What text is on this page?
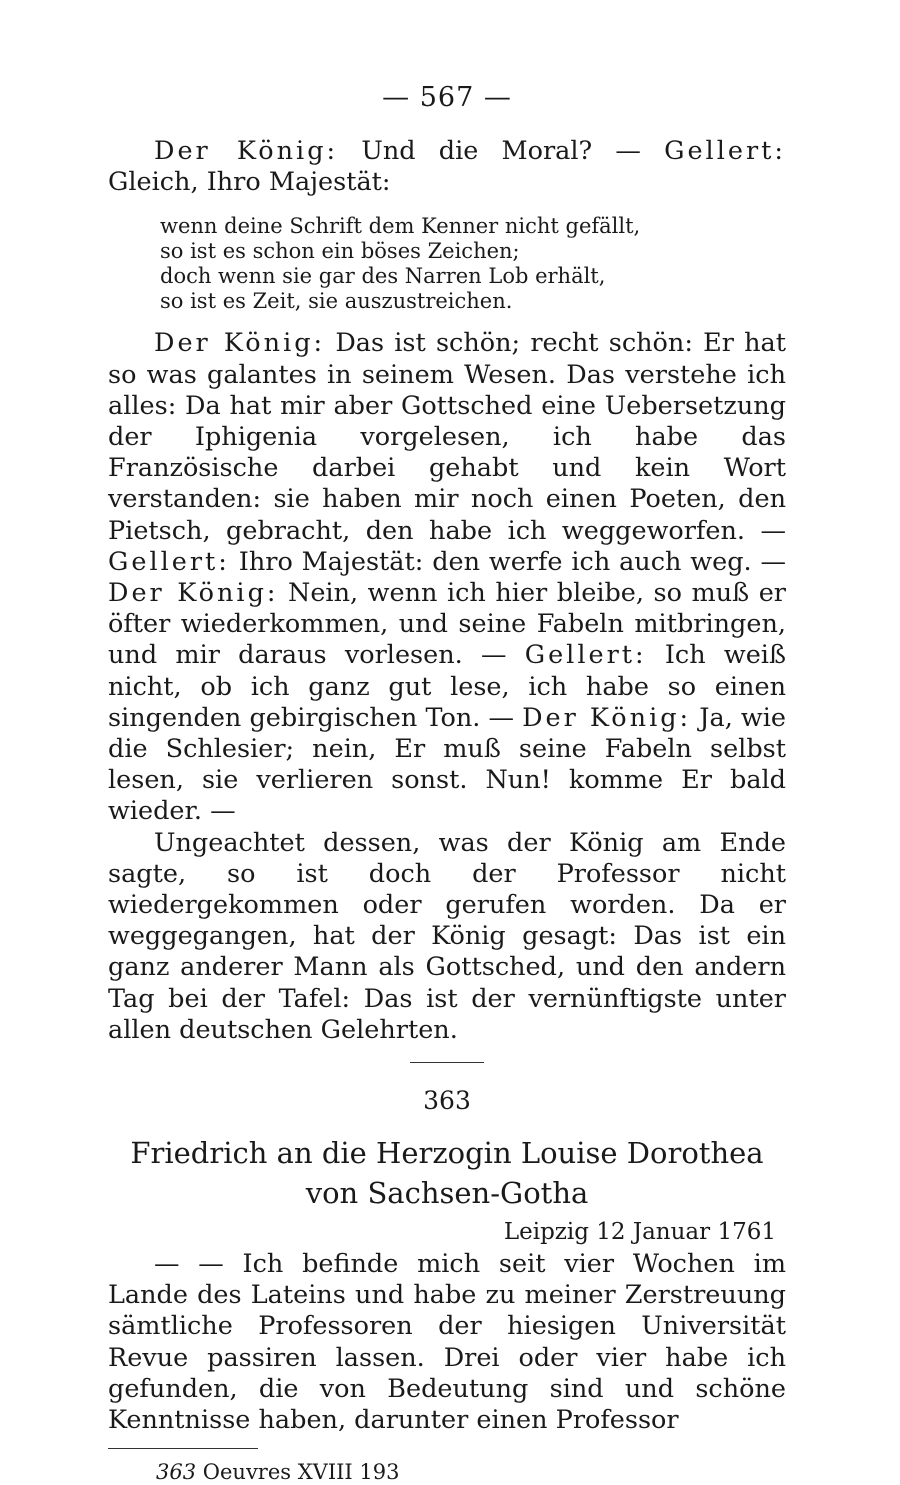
— 567 —

Der König: Und die Moral? — Gellert: Gleich, Ihro Majestät:

wenn deine Schrift dem Kenner nicht gefällt,
so ist es schon ein böses Zeichen;
doch wenn sie gar des Narren Lob erhält,
so ist es Zeit, sie auszustreichen.

Der König: Das ist schön; recht schön: Er hat so was galantes in seinem Wesen. Das verstehe ich alles: Da hat mir aber Gottsched eine Uebersetzung der Iphigenia vorgelesen, ich habe das Französische darbei gehabt und kein Wort verstanden: sie haben mir noch einen Poeten, den Pietsch, gebracht, den habe ich weggeworfen. — Gellert: Ihro Majestät: den werfe ich auch weg. — Der König: Nein, wenn ich hier bleibe, so muß er öfter wiederkommen, und seine Fabeln mitbringen, und mir daraus vorlesen. — Gellert: Ich weiß nicht, ob ich ganz gut lese, ich habe so einen singenden gebirgischen Ton. — Der König: Ja, wie die Schlesier; nein, Er muß seine Fabeln selbst lesen, sie verlieren sonst. Nun! komme Er bald wieder. —

Ungeachtet dessen, was der König am Ende sagte, so ist doch der Professor nicht wiedergekommen oder gerufen worden. Da er weggegangen, hat der König gesagt: Das ist ein ganz anderer Mann als Gottsched, und den andern Tag bei der Tafel: Das ist der vernünftigste unter allen deutschen Gelehrten.

363

Friedrich an die Herzogin Louise Dorothea

von Sachsen-Gotha

Leipzig 12 Januar 1761

— — Ich befinde mich seit vier Wochen im Lande des Lateins und habe zu meiner Zerstreuung sämtliche Professoren der hiesigen Universität Revue passiren lassen. Drei oder vier habe ich gefunden, die von Bedeutung sind und schöne Kenntnisse haben, darunter einen Professor

363 Oeuvres XVIII 193
